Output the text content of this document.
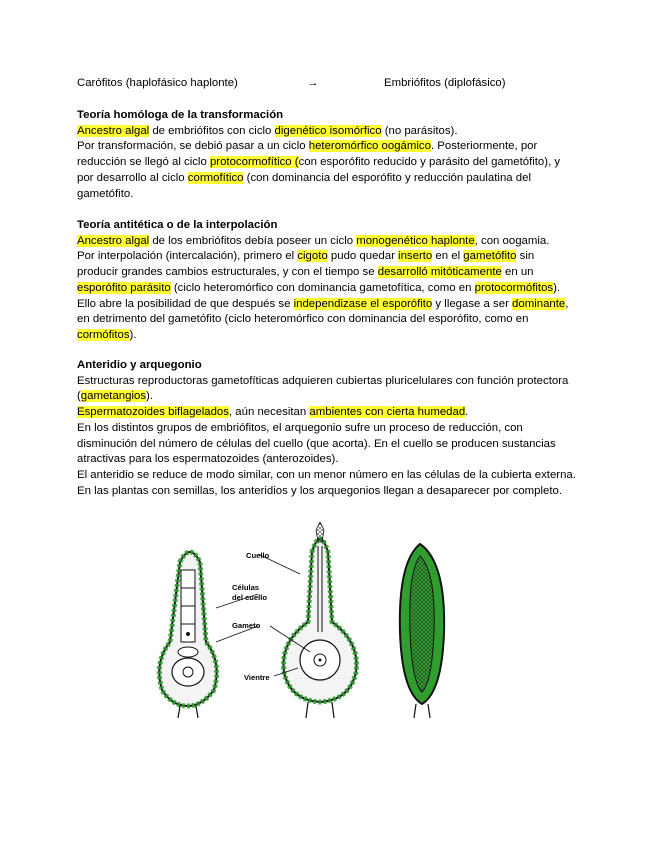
Carófitos (haplofásico haplonte)	→	Embriófitos (diplofásico)

Teoría homóloga de la transformación

Ancestro algal de embriófitos con ciclo digenético isomórfico (no parásitos).

Por transformación, se debió pasar a un ciclo heteromórfico oogámico. Posteriormente, por reducción se llegó al ciclo protocormofítico (con esporófito reducido y parásito del gametófito), y por desarrollo al ciclo cormofítico (con dominancia del esporófito y reducción paulatina del gametófito.

Teoría antitética o de la interpolación

Ancestro algal de los embriófitos debía poseer un ciclo monogenético haplonte, con oogamia.

Por interpolación (intercalación), primero el cigoto pudo quedar inserto en el gametófito sin producir grandes cambios estructurales, y con el tiempo se desarrolló mitóticamente en un esporófito parásito (ciclo heteromórfico con dominancia gametofítica, como en protocormófitos). Ello abre la posibilidad de que después se independizase el esporófito y llegase a ser dominante, en detrimento del gametófito (ciclo heteromórfico con dominancia del esporófito, como en cormófitos).

Anteridio y arquegonio

Estructuras reproductoras gametofíticas adquieren cubiertas pluricelulares con función protectora (gametangios).

Espermatozoides biflagelados, aún necesitan ambientes con cierta humedad.

En los distintos grupos de embriófitos, el arquegonio sufre un proceso de reducción, con disminución del número de células del cuello (que acorta). En el cuello se producen sustancias atractivas para los espermatozoides (anterozoides).

El anteridio se reduce de modo similar, con un menor número en las células de la cubierta externa.

En las plantas con semillas, los anteridios y los arquegonios llegan a desaparecer por completo.

Cuello
Células
del cuello
Gameto
Vientre
